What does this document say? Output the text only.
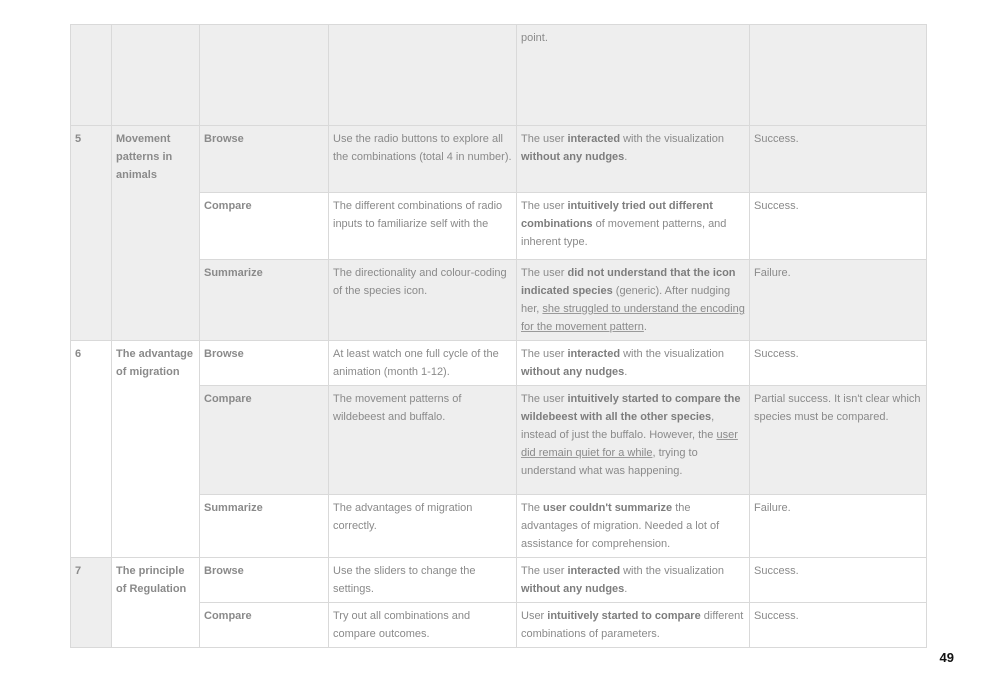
				point.	
5	Movement patterns in animals	Browse	Use the radio buttons to explore all the combinations (total 4 in number).	The user interacted with the visualization without any nudges.	Success.
		Compare	The different combinations of radio inputs to familiarize self with the	The user intuitively tried out different combinations of movement patterns, and inherent type.	Success.
		Summarize	The directionality and colour-coding of the species icon.	The user did not understand that the icon indicated species (generic). After nudging her, she struggled to understand the encoding for the movement pattern.	Failure.
6	The advantage of migration	Browse	At least watch one full cycle of the animation (month 1-12).	The user interacted with the visualization without any nudges.	Success.
		Compare	The movement patterns of wildebeest and buffalo.	The user intuitively started to compare the wildebeest with all the other species, instead of just the buffalo. However, the user did remain quiet for a while, trying to understand what was happening.	Partial success. It isn't clear which species must be compared.
		Summarize	The advantages of migration correctly.	The user couldn't summarize the advantages of migration. Needed a lot of assistance for comprehension.	Failure.
7	The principle of Regulation	Browse	Use the sliders to change the settings.	The user interacted with the visualization without any nudges.	Success.
		Compare	Try out all combinations and compare outcomes.	User intuitively started to compare different combinations of parameters.	Success.
49
